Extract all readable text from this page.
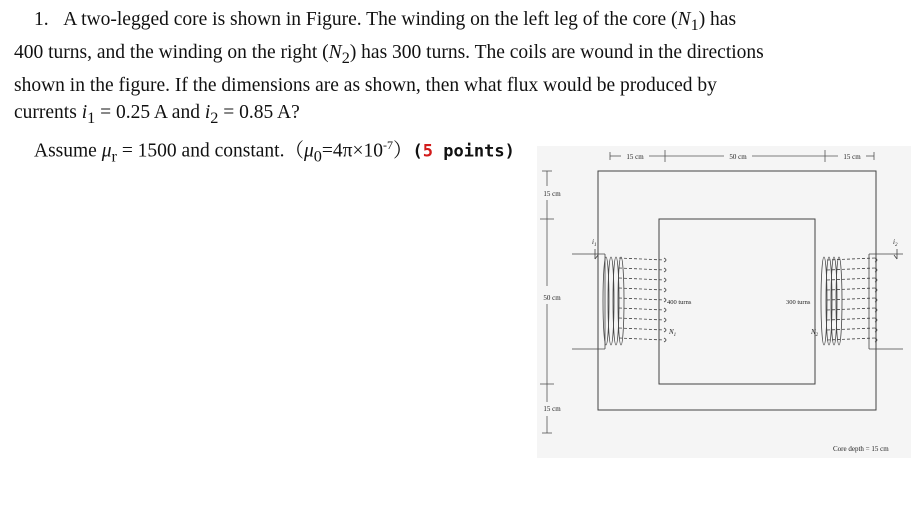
1. A two-legged core is shown in Figure. The winding on the left leg of the core $(N_1)$ has

400 turns, and the winding on the right $(N_2)$ has 300 turns. The coils are wound in the directions

shown in the figure. If the dimensions are as shown, then what flux would be produced by

currents $i_1 = 0.25$ A and $i_2 = 0.85$ A?

Assume $\mu_r = 1500$ and $constant.(\mu_0=4\pi\times 10^{-7})(5$ points)	15 cm	50 cm	15 cm
15 cm
50 cm
15 cm
$i_1$
400 turns
$N_1$
$i_2$
300 turns
$N_2$
Core depth = 15 cm
